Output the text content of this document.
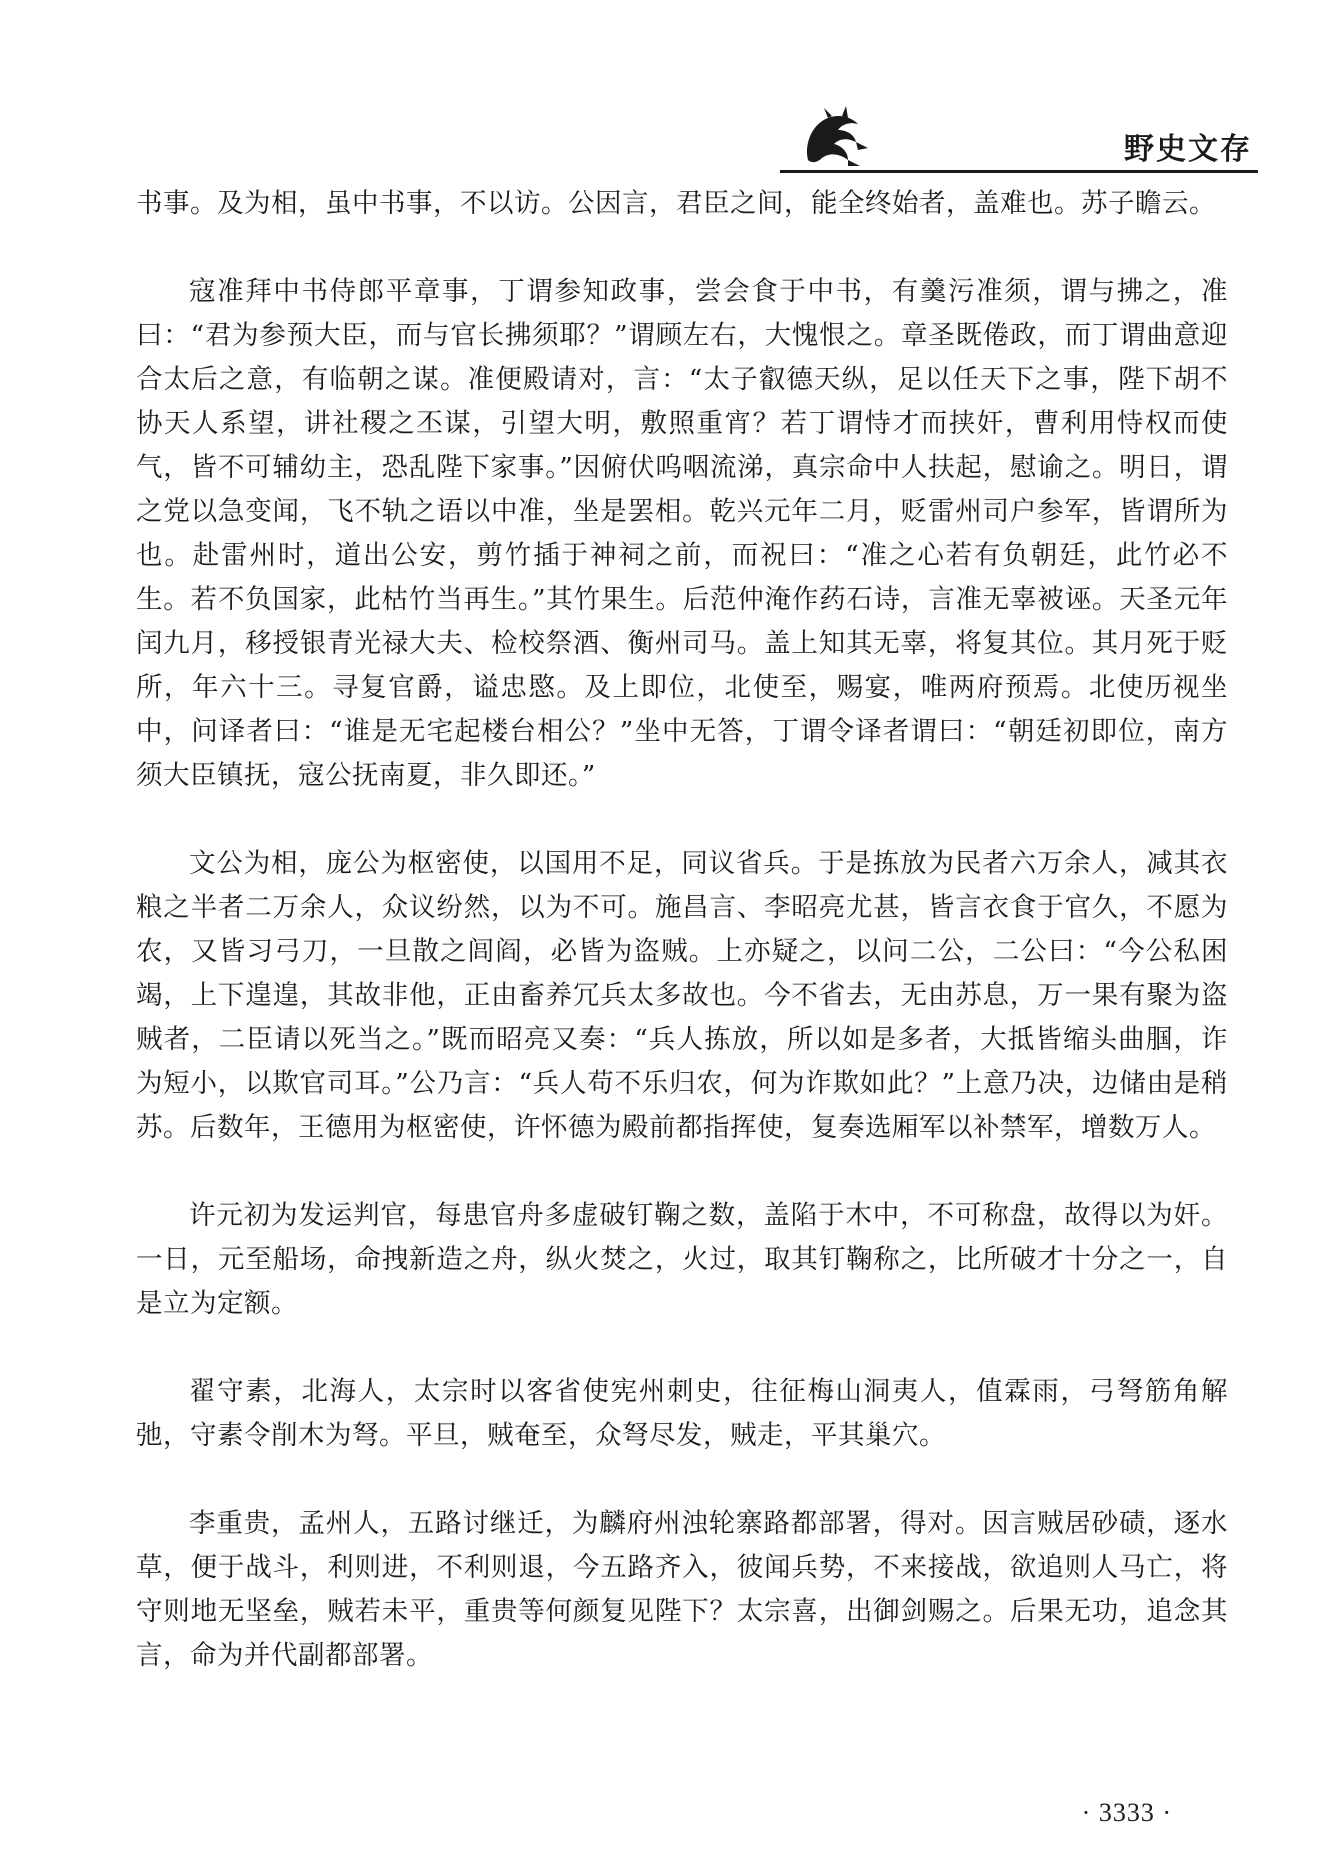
野史文存

书事。及为相，虽中书事，不以访。公因言，君臣之间，能全终始者，盖难也。苏子瞻云。

寇准拜中书侍郎平章事，丁谓参知政事，尝会食于中书，有羹污准须，谓与拂之，准曰：“君为参预大臣，而与官长拂须耶？”谓顾左右，大愧恨之。章圣既倦政，而丁谓曲意迎合太后之意，有临朝之谋。准便殿请对，言：“太子叡德天纵，足以任天下之事，陛下胡不协天人系望，讲社稷之丕谋，引望大明，敷照重宵？若丁谓恃才而挟奸，曹利用恃权而使气，皆不可辅幼主，恐乱陛下家事。”因俯伏呜咽流涕，真宗命中人扶起，慰谕之。明日，谓之党以急变闻，飞不轨之语以中准，坐是罢相。乾兴元年二月，贬雷州司户参军，皆谓所为也。赴雷州时，道出公安，剪竹插于神祠之前，而祝曰：“准之心若有负朝廷，此竹必不生。若不负国家，此枯竹当再生。”其竹果生。后范仲淹作药石诗，言准无辜被诬。天圣元年闰九月，移授银青光禄大夫、检校祭酒、衡州司马。盖上知其无辜，将复其位。其月死于贬所，年六十三。寻复官爵，谥忠愍。及上即位，北使至，赐宴，唯两府预焉。北使历视坐中，问译者曰：“谁是无宅起楼台相公？”坐中无答，丁谓令译者谓曰：“朝廷初即位，南方须大臣镇抚，寇公抚南夏，非久即还。”

文公为相，庞公为枢密使，以国用不足，同议省兵。于是拣放为民者六万余人，减其衣粮之半者二万余人，众议纷然，以为不可。施昌言、李昭亮尤甚，皆言衣食于官久，不愿为农，又皆习弓刀，一旦散之闾阎，必皆为盗贼。上亦疑之，以问二公，二公曰：“今公私困竭，上下遑遑，其故非他，正由畜养冗兵太多故也。今不省去，无由苏息，万一果有聚为盗贼者，二臣请以死当之。”既而昭亮又奏：“兵人拣放，所以如是多者，大抵皆缩头曲腘，诈为短小，以欺官司耳。”公乃言：“兵人苟不乐归农，何为诈欺如此？”上意乃决，边储由是稍苏。后数年，王德用为枢密使，许怀德为殿前都指挥使，复奏选厢军以补禁军，增数万人。

许元初为发运判官，每患官舟多虚破钉鞠之数，盖陷于木中，不可称盘，故得以为奸。一日，元至船场，命拽新造之舟，纵火焚之，火过，取其钉鞠称之，比所破才十分之一，自是立为定额。

翟守素，北海人，太宗时以客省使宪州刺史，往征梅山洞夷人，值霖雨，弓弩筋角解弛，守素令削木为弩。平旦，贼奄至，众弩尽发，贼走，平其巢穴。

李重贵，孟州人，五路讨继迁，为麟府州浊轮寨路都部署，得对。因言贼居砂碛，逐水草，便于战斗，利则进，不利则退，今五路齐入，彼闻兵势，不来接战，欲追则人马亡，将守则地无坚垒，贼若未平，重贵等何颜复见陛下？太宗喜，出御剑赐之。后果无功，追念其言，命为并代副都部署。

· 3333 ·
